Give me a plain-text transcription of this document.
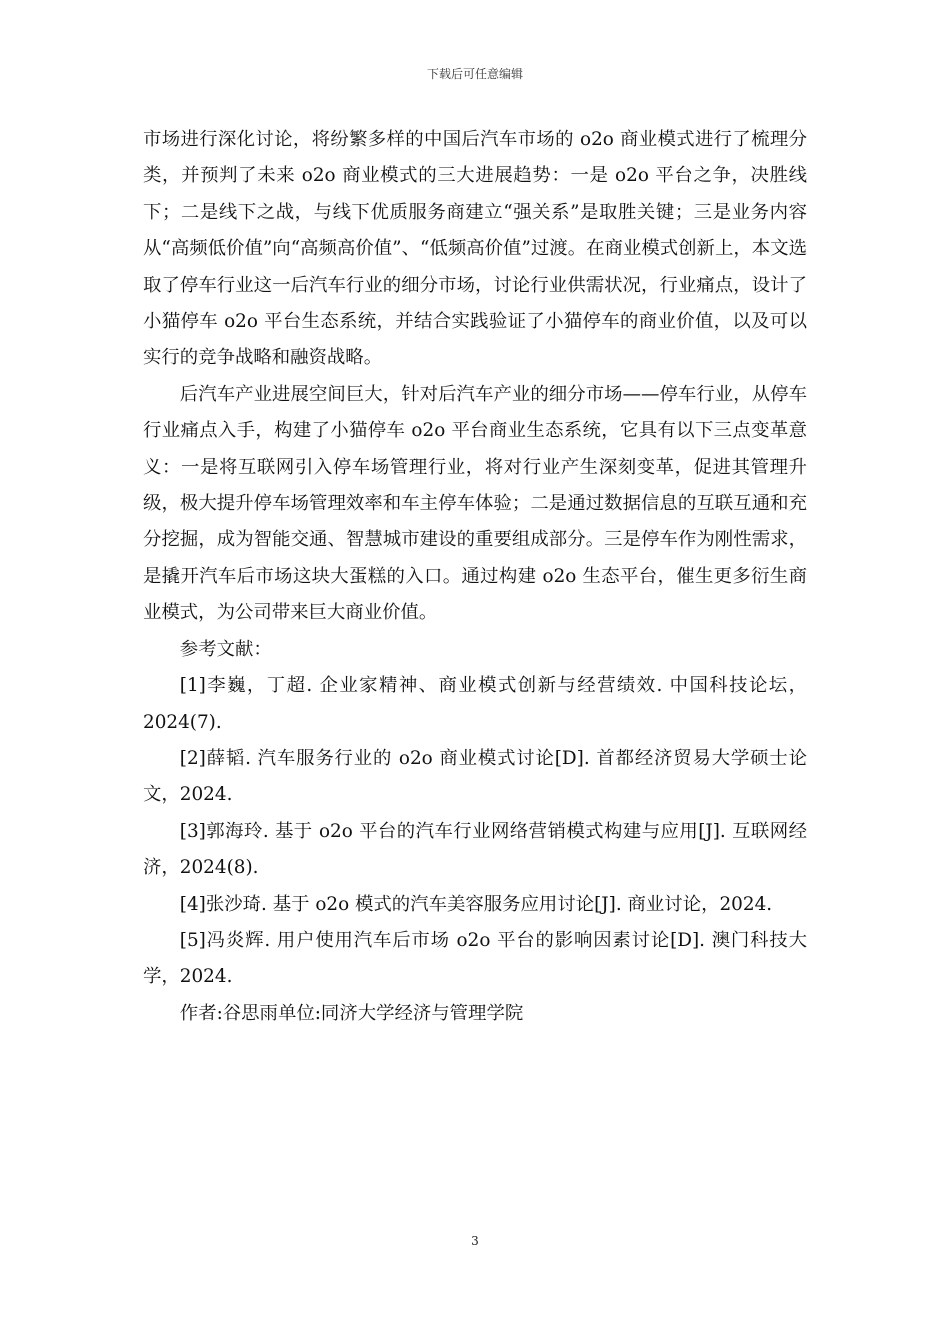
下载后可任意编辑

市场进行深化讨论，将纷繁多样的中国后汽车市场的 o2o 商业模式进行了梳理分类，并预判了未来 o2o 商业模式的三大进展趋势：一是 o2o 平台之争，决胜线下；二是线下之战，与线下优质服务商建立“强关系”是取胜关键；三是业务内容从“高频低价值”向“高频高价值”、“低频高价值”过渡。在商业模式创新上，本文选取了停车行业这一后汽车行业的细分市场，讨论行业供需状况，行业痛点，设计了小猫停车 o2o 平台生态系统，并结合实践验证了小猫停车的商业价值，以及可以实行的竞争战略和融资战略。

后汽车产业进展空间巨大，针对后汽车产业的细分市场——停车行业，从停车行业痛点入手，构建了小猫停车 o2o 平台商业生态系统，它具有以下三点变革意义：一是将互联网引入停车场管理行业，将对行业产生深刻变革，促进其管理升级，极大提升停车场管理效率和车主停车体验；二是通过数据信息的互联互通和充分挖掘，成为智能交通、智慧城市建设的重要组成部分。三是停车作为刚性需求，是撬开汽车后市场这块大蛋糕的入口。通过构建 o2o 生态平台，催生更多衍生商业模式，为公司带来巨大商业价值。

参考文献：

[1]李巍，丁超. 企业家精神、商业模式创新与经营绩效. 中国科技论坛，2024(7).

[2]薛韬. 汽车服务行业的 o2o 商业模式讨论[D]. 首都经济贸易大学硕士论文，2024.

[3]郭海玲. 基于 o2o 平台的汽车行业网络营销模式构建与应用[J]. 互联网经济，2024(8).

[4]张沙琦. 基于 o2o 模式的汽车美容服务应用讨论[J]. 商业讨论，2024.

[5]冯炎辉. 用户使用汽车后市场 o2o 平台的影响因素讨论[D]. 澳门科技大学，2024.

作者:谷思雨单位:同济大学经济与管理学院

3
